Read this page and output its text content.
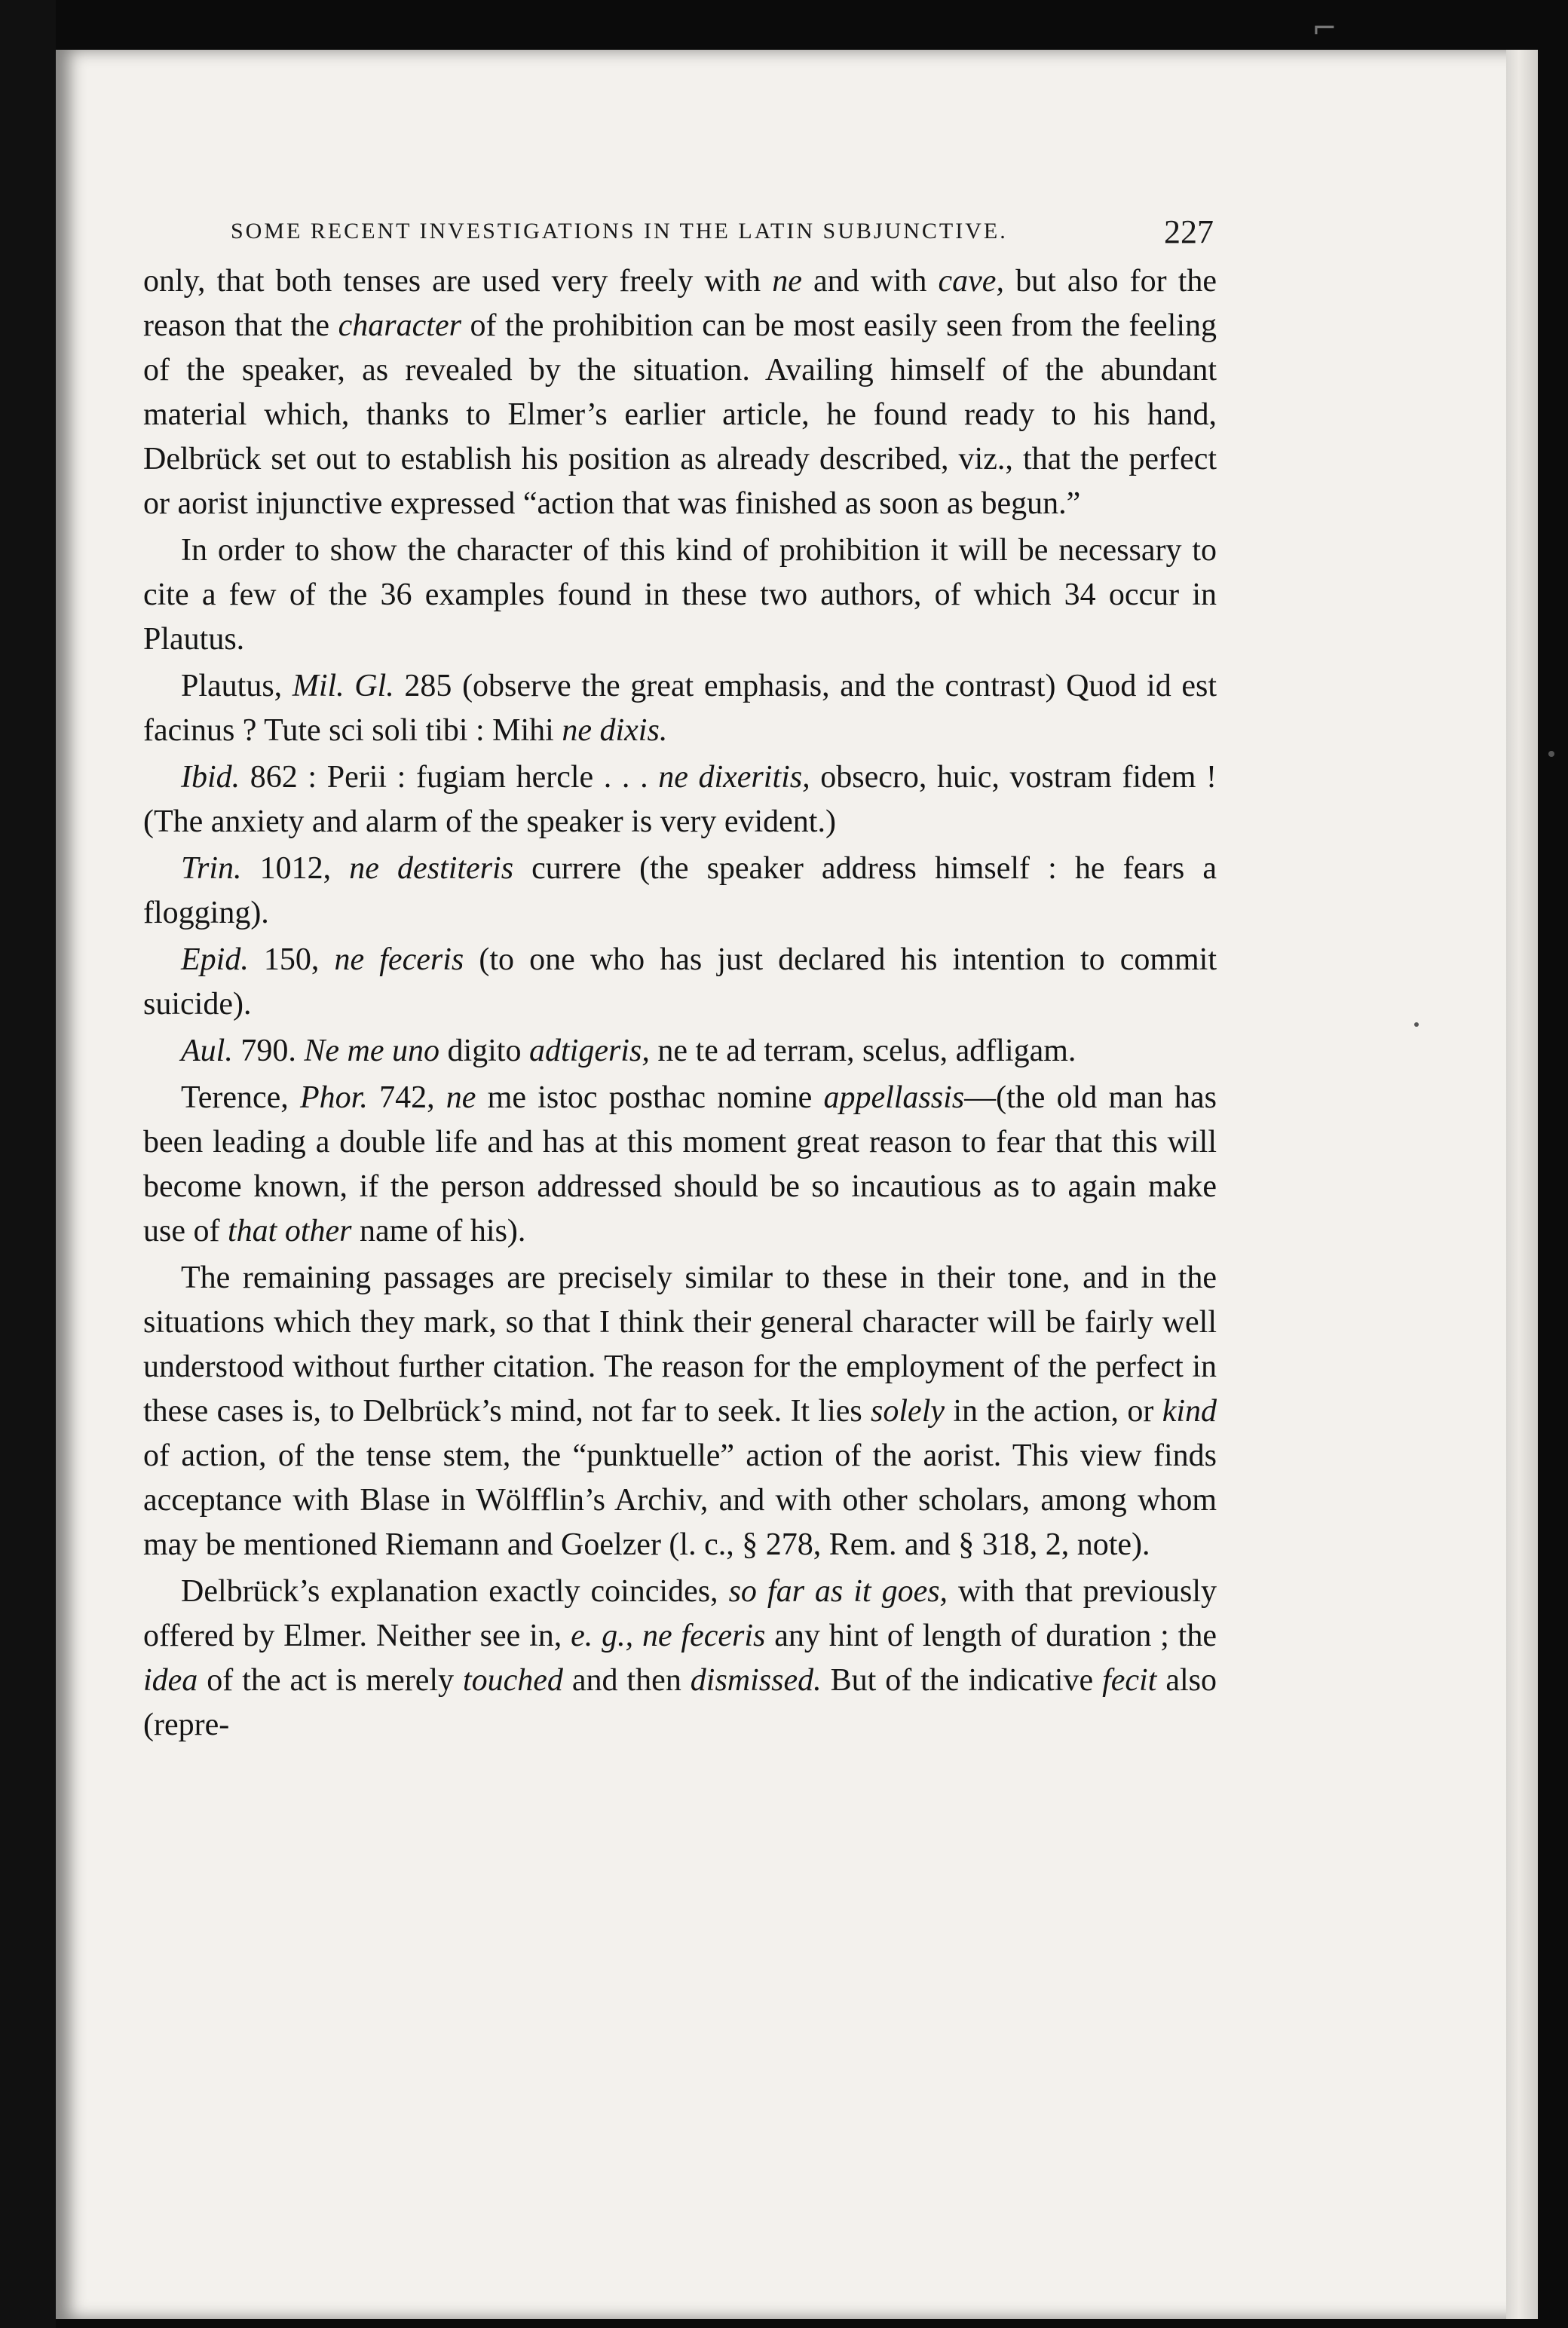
⌐
SOME RECENT INVESTIGATIONS IN THE LATIN SUBJUNCTIVE.	227

only, that both tenses are used very freely with ne and with cave, but also for the reason that the character of the prohibition can be most easily seen from the feeling of the speaker, as revealed by the situation. Availing himself of the abundant material which, thanks to Elmer’s earlier article, he found ready to his hand, Delbrück set out to establish his position as already described, viz., that the perfect or aorist injunctive expressed “action that was finished as soon as begun.”

In order to show the character of this kind of prohibition it will be necessary to cite a few of the 36 examples found in these two authors, of which 34 occur in Plautus.

Plautus, Mil. Gl. 285 (observe the great emphasis, and the contrast) Quod id est facinus ? Tute sci soli tibi : Mihi ne dixis.

Ibid. 862 : Perii : fugiam hercle . . . ne dixeritis, obsecro, huic, vostram fidem ! (The anxiety and alarm of the speaker is very evident.)

Trin. 1012, ne destiteris currere (the speaker address himself : he fears a flogging).

Epid. 150, ne feceris (to one who has just declared his intention to commit suicide).

Aul. 790. Ne me uno digito adtigeris, ne te ad terram, scelus, adfligam.

Terence, Phor. 742, ne me istoc posthac nomine appellassis—(the old man has been leading a double life and has at this moment great reason to fear that this will become known, if the person addressed should be so incautious as to again make use of that other name of his).

The remaining passages are precisely similar to these in their tone, and in the situations which they mark, so that I think their general character will be fairly well understood without further citation. The reason for the employment of the perfect in these cases is, to Delbrück’s mind, not far to seek. It lies solely in the action, or kind of action, of the tense stem, the “punktuelle” action of the aorist. This view finds acceptance with Blase in Wölfflin’s Archiv, and with other scholars, among whom may be mentioned Riemann and Goelzer (l. c., § 278, Rem. and § 318, 2, note).

Delbrück’s explanation exactly coincides, so far as it goes, with that previously offered by Elmer. Neither see in, e. g., ne feceris any hint of length of duration ; the idea of the act is merely touched and then dismissed. But of the indicative fecit also (repre-
